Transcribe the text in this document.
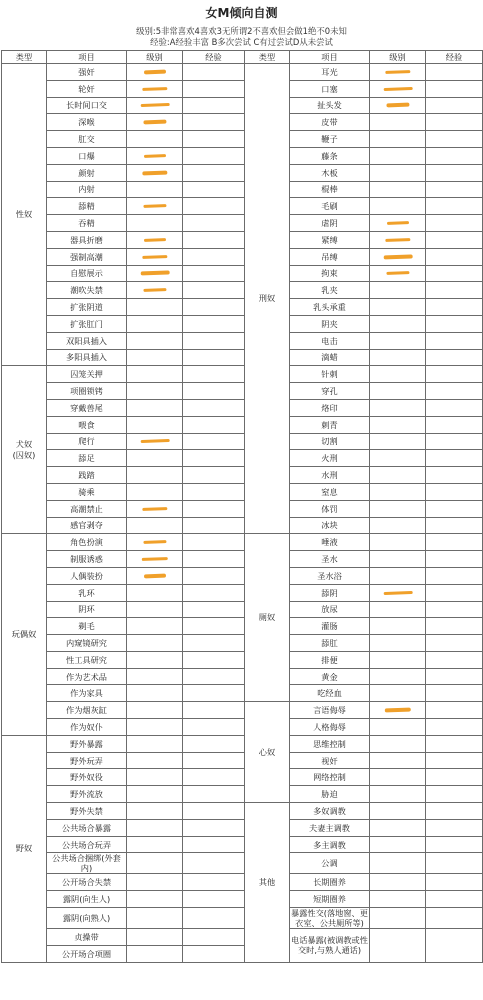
女M倾向自测
级别:5非常喜欢4喜欢3无所谓2不喜欢但会做1绝不0未知
经验:A经验丰富 B多次尝试 C有过尝试D从未尝试
类型	项目	级别	经验	类型	项目	级别	经验
性奴	强奸			刑奴	耳光	

	轮奸				口塞	

	长时间口交				扯头发	

	深喉				皮带		
	肛交				鞭子		
	口爆				藤条		
	颜射				木板		
	内射				棍棒		
	舔精				毛刷		
	吞精				虐阴	

	器具折磨				紧缚	

	强制高潮				吊缚	

	自慰展示				拘束	

	潮吹失禁				乳夹		
	扩张阴道				乳头承重		
	扩张肛门				阴夹		
	双阳具插入				电击		
	多阳具插入				滴蜡		
犬奴
(囚奴)	囚笼关押				针刺		
	项圈锁铐				穿孔		
	穿戴兽尾				烙印		
	喂食				刺青		
	爬行				切割		
	舔足				火刑		
	践踏				水刑		
	骑乘				窒息		
	高潮禁止				体罚		
	感官剥夺				冰块		
玩偶奴	角色扮演			厕奴	唾液		
	制服诱惑				圣水		
	人偶装扮				圣水浴		
	乳环				舔阴	

	阴环				放尿		
	剃毛				灌肠		
	内窥镜研究				舔肛		
	性工具研究				排便		
	作为艺术品				黄金		
	作为家具				吃经血		
	作为烟灰缸			心奴	言语侮辱	

	作为奴仆				人格侮辱		
野奴	野外暴露				思维控制		
	野外玩弄				视奸		
	野外奴役				网络控制		
	野外流放				胁迫		
	野外失禁			其他	多奴调教		
	公共场合暴露				夫妻主调教		
	公共场合玩弄				多主调教		
	公共场合捆绑(外套内)				公调		

	公开场合失禁				长期圈养		
	露阴(向生人)				短期圈养		

	露阴(向熟人)				暴露性交(落地窗、更衣室、公共厕所等)		

	贞操带				电话暴露(被调教或性交时,与熟人通话)		

	公开场合项圈						
